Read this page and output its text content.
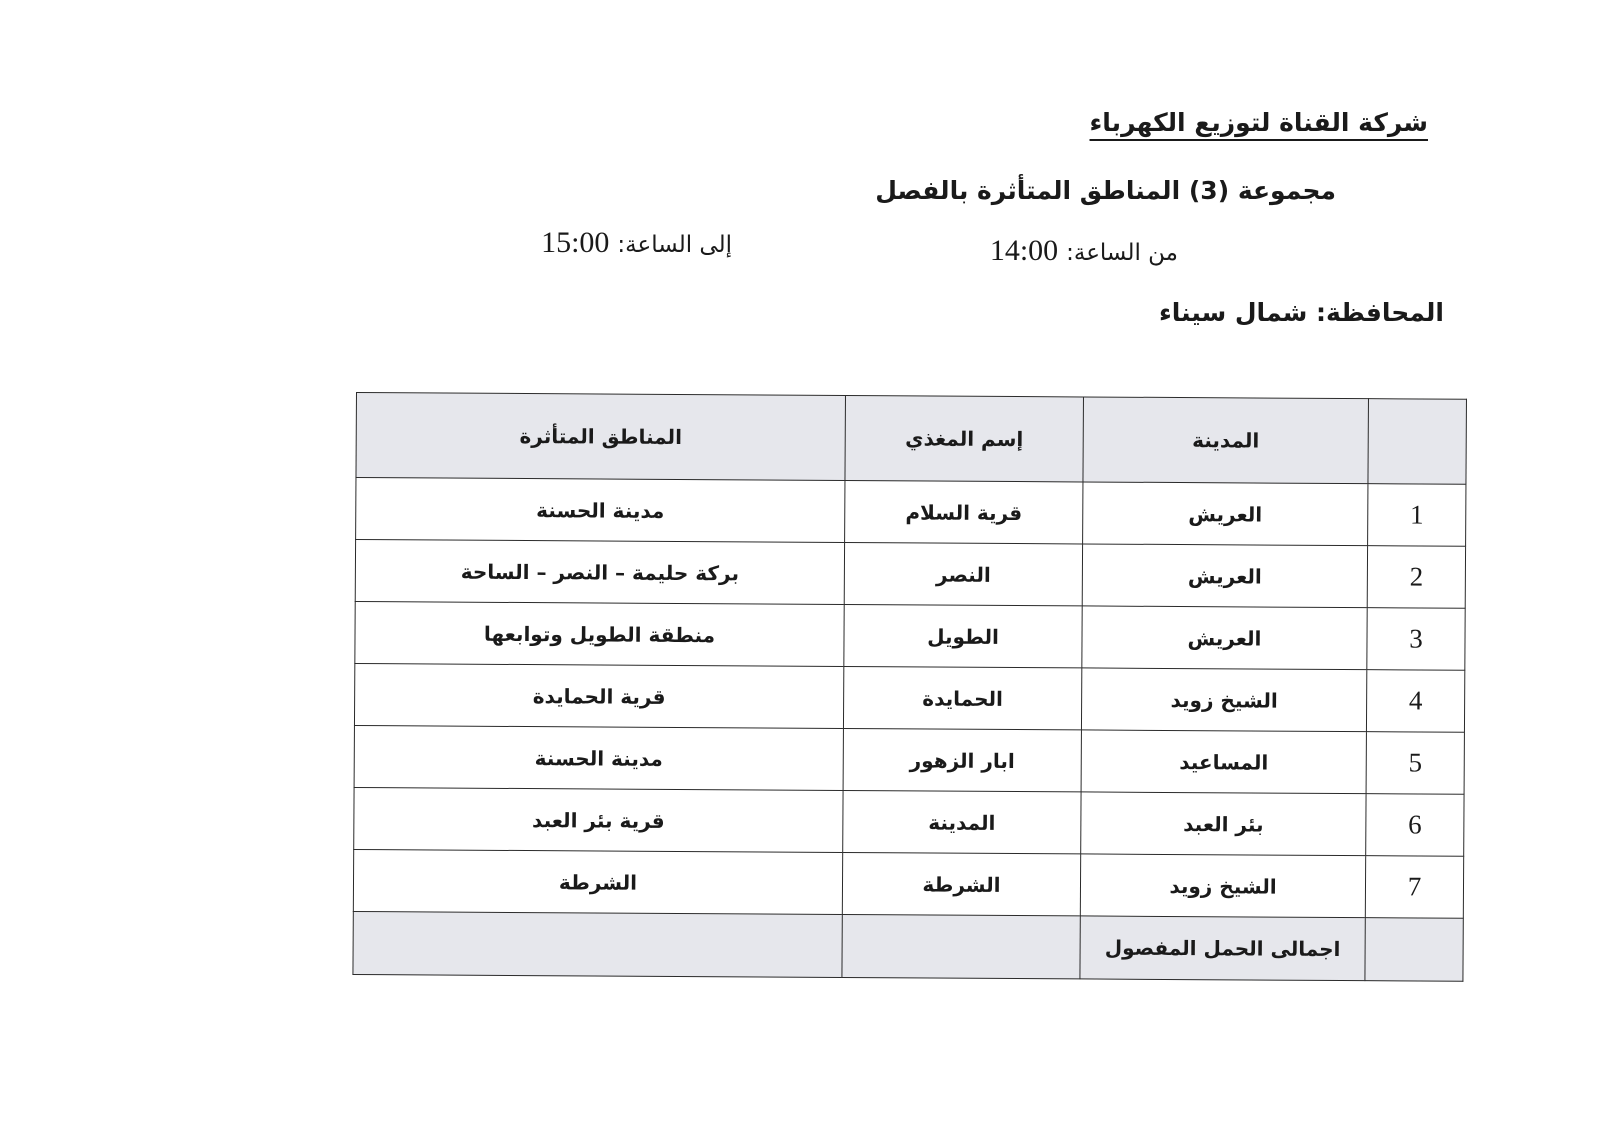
شركة القناة لتوزيع الكهرباء
مجموعة (3) المناطق المتأثرة بالفصل
من الساعة: 14:00
إلى الساعة: 15:00
المحافظة: شمال سيناء
	المدينة	إسم المغذي	المناطق المتأثرة
1	العريش	قرية السلام	مدينة الحسنة
2	العريش	النصر	بركة حليمة – النصر – الساحة
3	العريش	الطويل	منطقة الطويل وتوابعها
4	الشيخ زويد	الحمايدة	قرية الحمايدة
5	المساعيد	ابار الزهور	مدينة الحسنة
6	بئر العبد	المدينة	قرية بئر العبد
7	الشيخ زويد	الشرطة	الشرطة
	اجمالى الحمل المفصول		
